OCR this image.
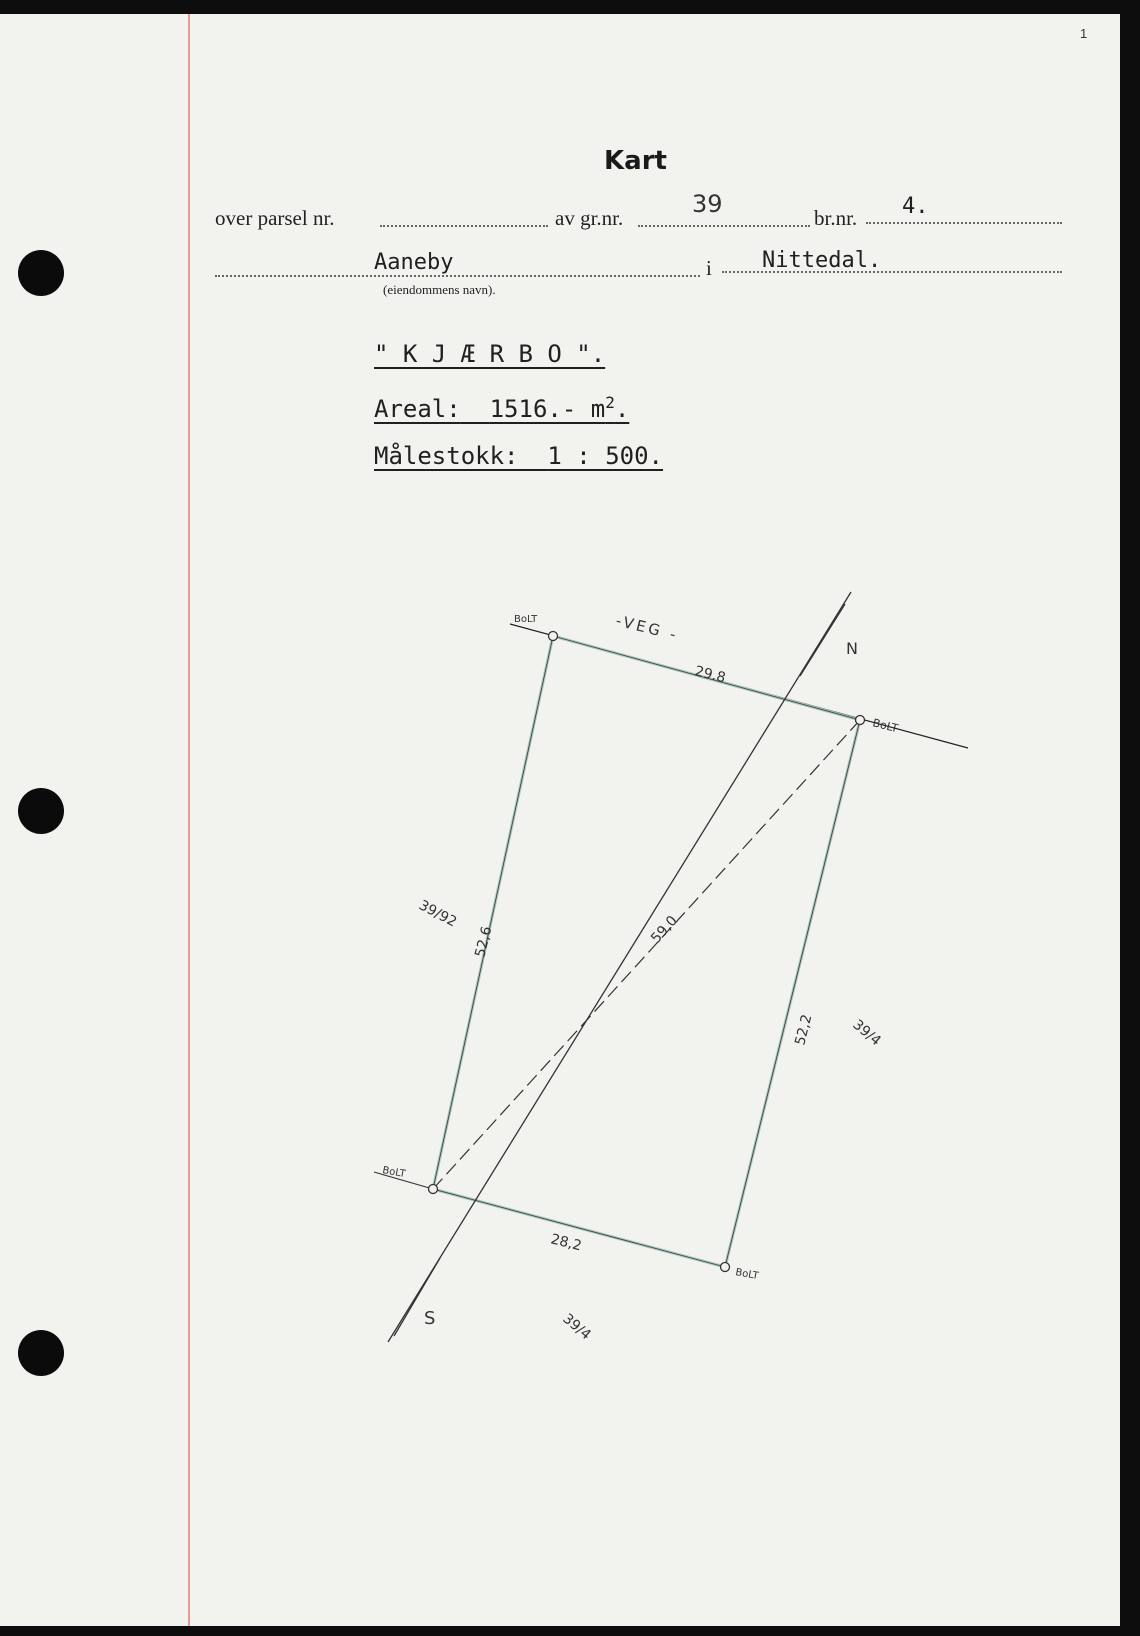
1
Kart
over parsel nr.	av gr.nr.	39	br.nr. 4.
Aaneby	i Nittedal.
(eiendommens navn).
" K J Æ R B O ".
Areal: 1516.- $m^2$.
Målestokk: 1 : 500.
BoLT
BoLT
BoLT
BoLT
-VEG -
N
S
29.8
28,2
52,6
52,2
59,0
39/92
39/4
39/4
